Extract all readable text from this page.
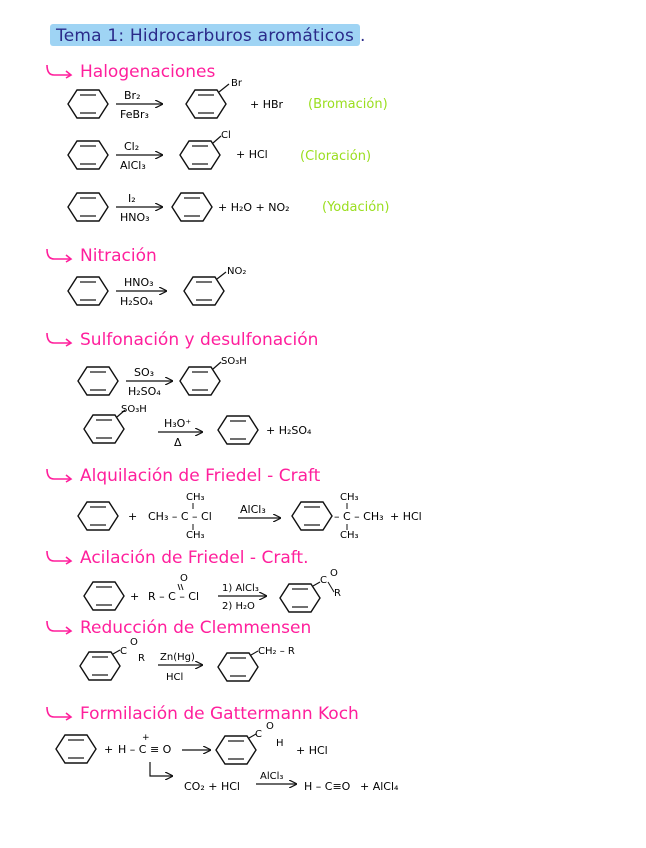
Tema 1: Hidrocarburos aromáticos .
Halogenaciones
Nitración
Sulfonación y desulfonación
Alquilación de Friedel - Craft
Acilación de Friedel - Craft.
Reducción de Clemmensen
Formilación de Gattermann Koch
Br₂
FeBr₃
Br
+ HBr (Bromación)
Cl₂
AlCl₃
Cl
+ HCl (Cloración)
I₂
HNO₃
+ H₂O + NO₂ (Yodación)
HNO₃
H₂SO₄
NO₂
SO₃
H₂SO₄
SO₃H
SO₃H
H₃O⁺
Δ
+ H₂SO₄
+ CH₃ – C – Cl
CH₃
CH₃
AlCl₃
– C – CH₃
CH₃
CH₃
+ HCl
+ R – C – Cl
O
1) AlCl₃
2) H₂O
C
O
R
C
O
R Zn(Hg)
HCl
CH₂ – R
+ H – C ≡ O
+	C
O
H
+ HCl
CO₂ + HCl
AlCl₃
H – C≡O + AlCl₄
